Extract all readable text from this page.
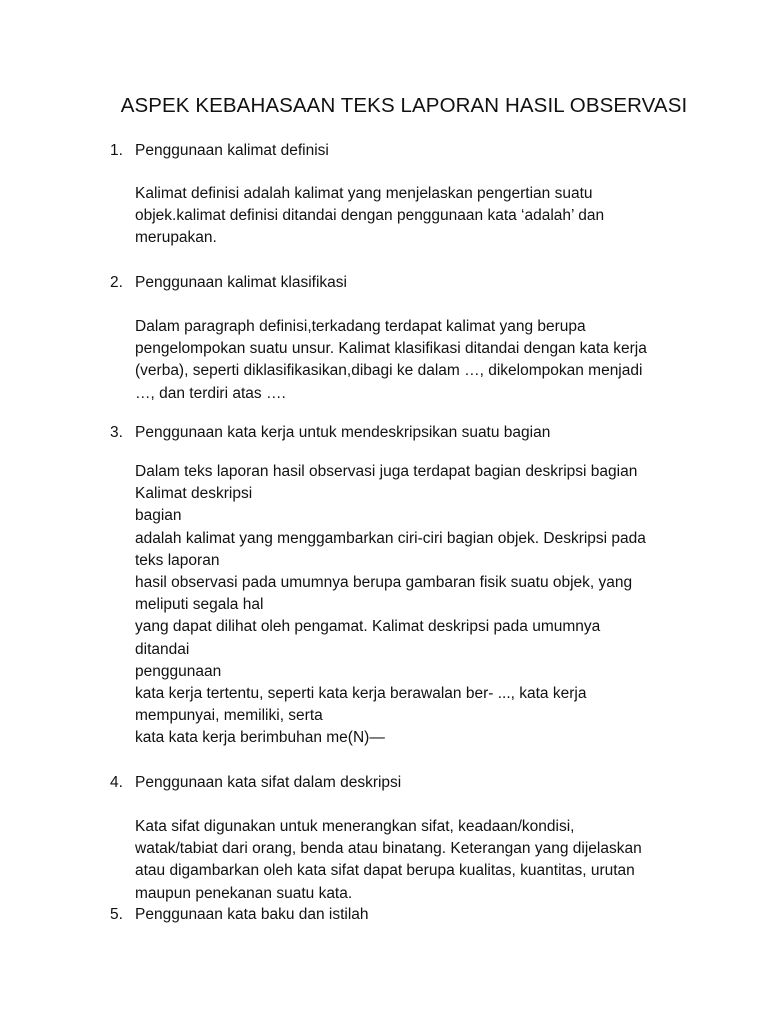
ASPEK KEBAHASAAN TEKS LAPORAN HASIL OBSERVASI
1. Penggunaan kalimat definisi
Kalimat definisi adalah kalimat yang menjelaskan pengertian suatu
objek.kalimat definisi ditandai dengan penggunaan kata ‘adalah’ dan
merupakan.
2. Penggunaan kalimat klasifikasi
Dalam paragraph definisi,terkadang terdapat kalimat yang berupa
pengelompokan suatu unsur. Kalimat klasifikasi ditandai dengan kata kerja
(verba), seperti diklasifikasikan,dibagi ke dalam …, dikelompokan menjadi
…, dan terdiri atas ….
3. Penggunaan kata kerja untuk mendeskripsikan suatu bagian
Dalam teks laporan hasil observasi juga terdapat bagian deskripsi bagian
Kalimat deskripsi
bagian
adalah kalimat yang menggambarkan ciri-ciri bagian objek. Deskripsi pada
teks laporan
hasil observasi pada umumnya berupa gambaran fisik suatu objek, yang
meliputi segala hal
yang dapat dilihat oleh pengamat. Kalimat deskripsi pada umumnya
ditandai
penggunaan
kata kerja tertentu, seperti kata kerja berawalan ber- ..., kata kerja
mempunyai, memiliki, serta
kata kata kerja berimbuhan me(N)—
4. Penggunaan kata sifat dalam deskripsi
Kata sifat digunakan untuk menerangkan sifat, keadaan/kondisi,
watak/tabiat dari orang, benda atau binatang. Keterangan yang dijelaskan
atau digambarkan oleh kata sifat dapat berupa kualitas, kuantitas, urutan
maupun penekanan suatu kata.
5. Penggunaan kata baku dan istilah
